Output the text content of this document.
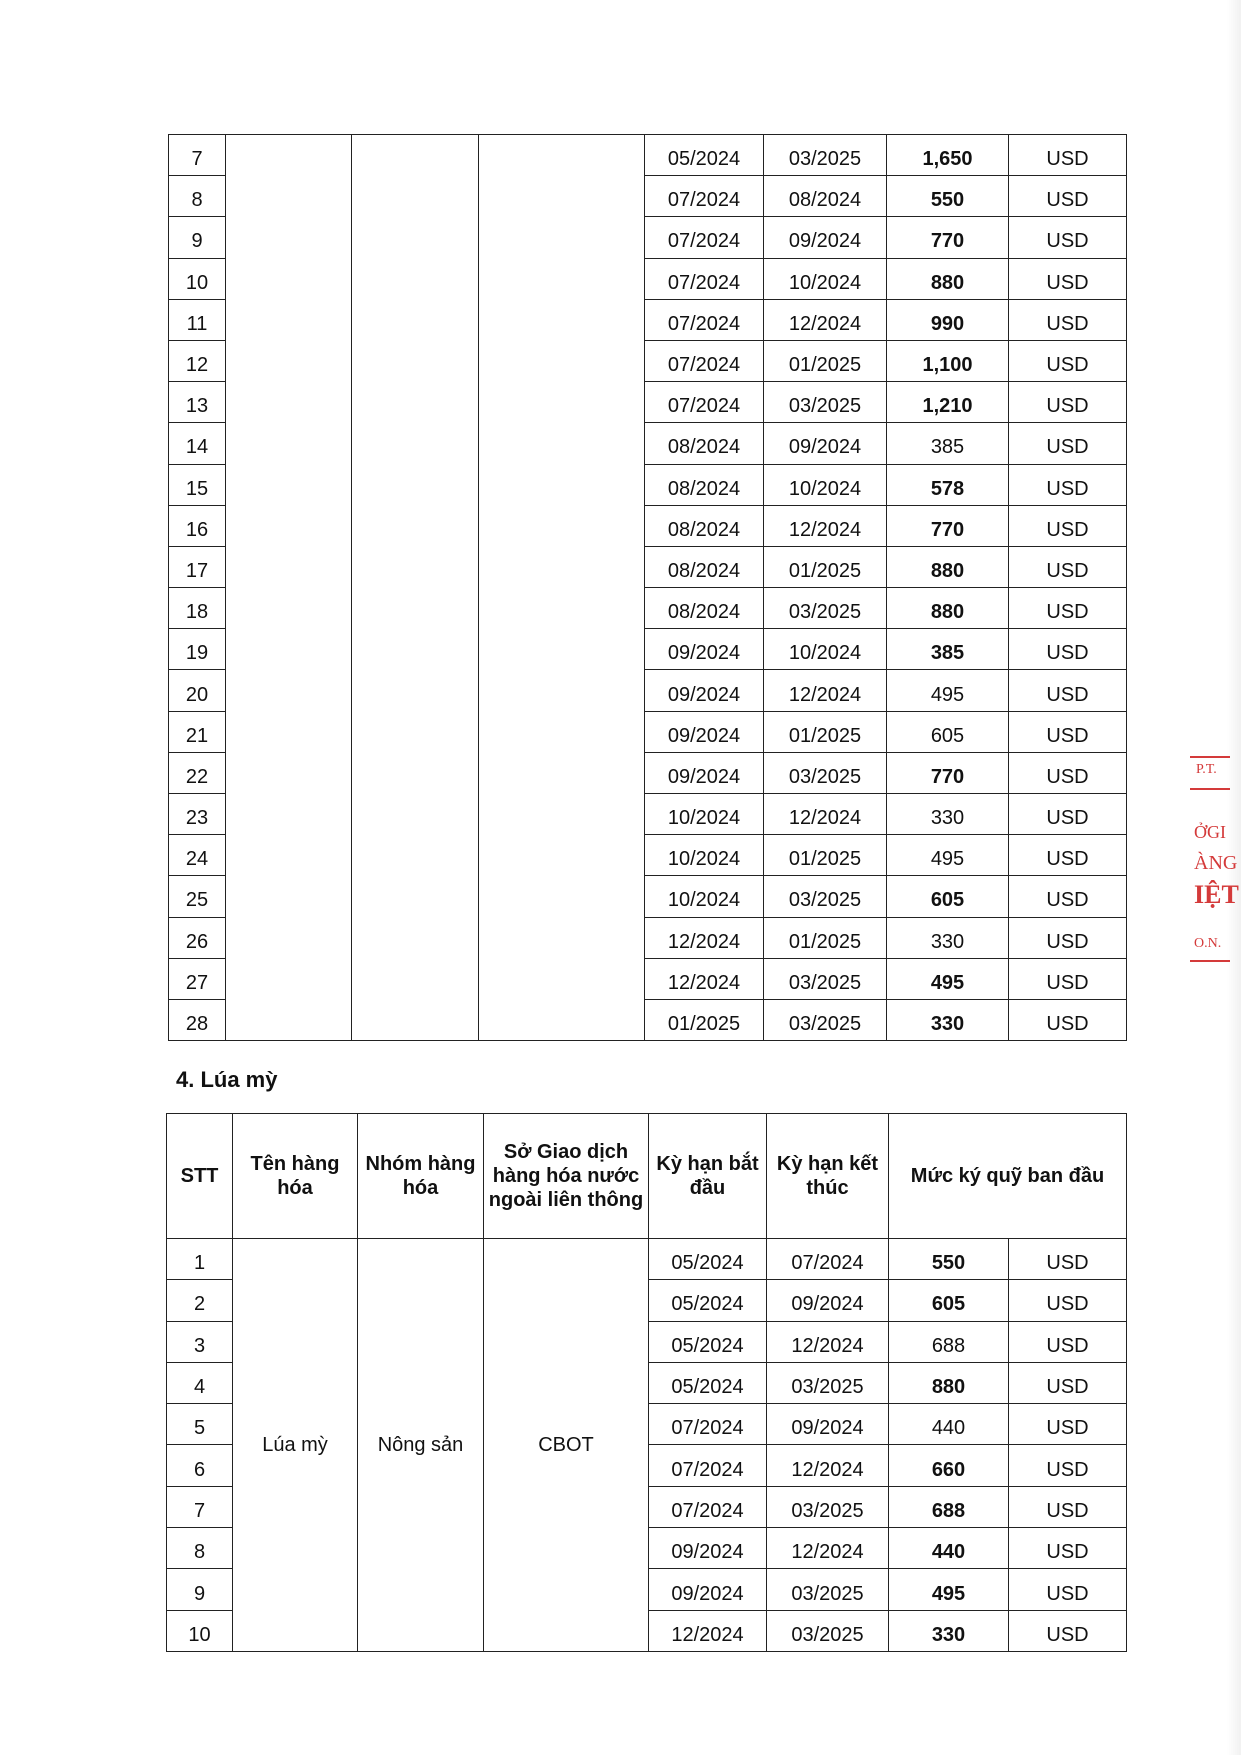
7				05/2024	03/2025	1,650	USD
8				07/2024	08/2024	550	USD
9				07/2024	09/2024	770	USD
10				07/2024	10/2024	880	USD
11				07/2024	12/2024	990	USD
12				07/2024	01/2025	1,100	USD
13				07/2024	03/2025	1,210	USD
14				08/2024	09/2024	385	USD
15				08/2024	10/2024	578	USD
16				08/2024	12/2024	770	USD
17				08/2024	01/2025	880	USD
18				08/2024	03/2025	880	USD
19				09/2024	10/2024	385	USD
20				09/2024	12/2024	495	USD
21				09/2024	01/2025	605	USD
22				09/2024	03/2025	770	USD
23				10/2024	12/2024	330	USD
24				10/2024	01/2025	495	USD
25				10/2024	03/2025	605	USD
26				12/2024	01/2025	330	USD
27				12/2024	03/2025	495	USD
28				01/2025	03/2025	330	USD
4. Lúa mỳ
STT	Tên hàng hóa	Nhóm hàng hóa	Sở Giao dịch hàng hóa nước ngoài liên thông	Kỳ hạn bắt đầu	Kỳ hạn kết thúc	Mức ký quỹ ban đầu	
1	Lúa mỳ	Nông sản	CBOT	05/2024	07/2024	550	USD
2				05/2024	09/2024	605	USD
3				05/2024	12/2024	688	USD
4				05/2024	03/2025	880	USD
5				07/2024	09/2024	440	USD
6				07/2024	12/2024	660	USD
7				07/2024	03/2025	688	USD
8				09/2024	12/2024	440	USD
9				09/2024	03/2025	495	USD
10				12/2024	03/2025	330	USD
P.T.
ỞGI
ÀNG
IỆT
O.N.
